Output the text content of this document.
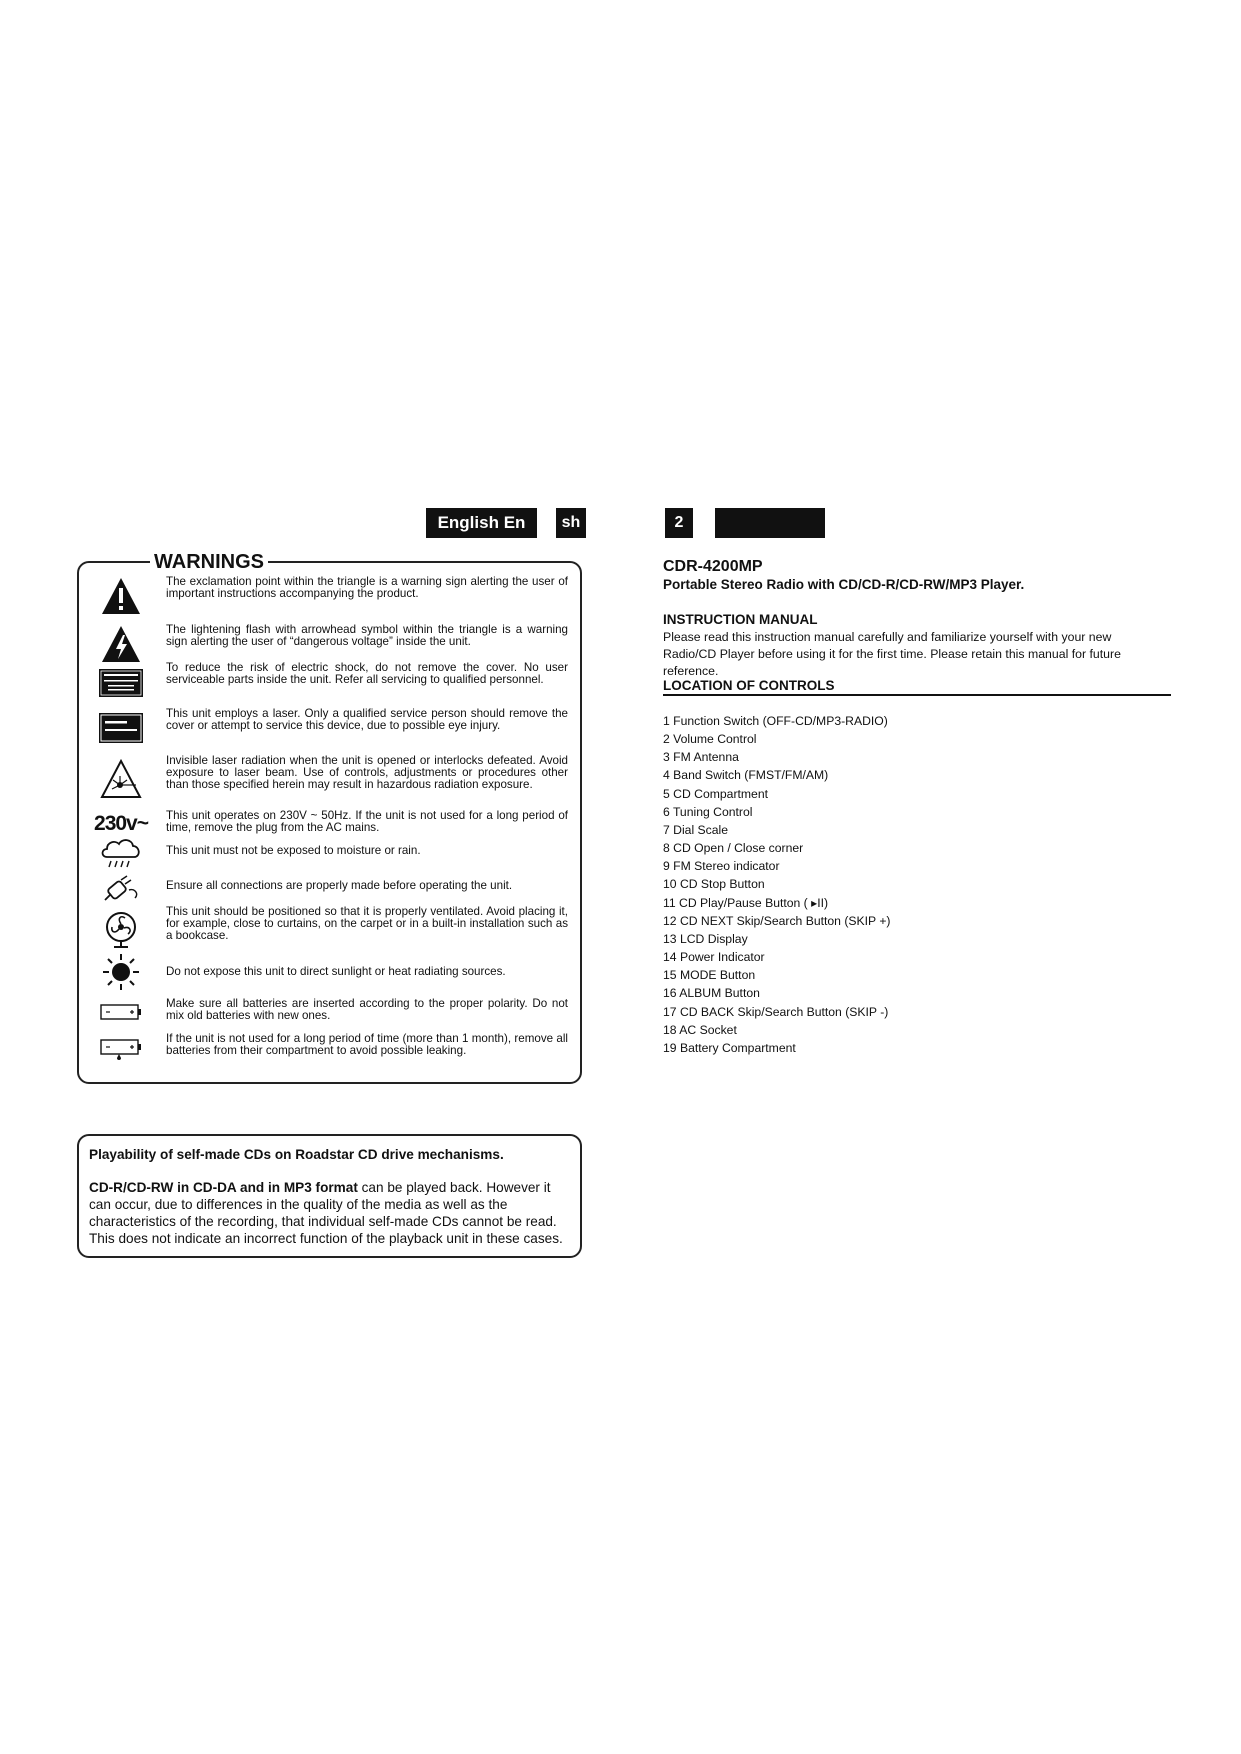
English En	sh	2
WARNINGS
The exclamation point within the triangle is a warning sign alerting the user of important instructions accompanying the product.
The lightening flash with arrowhead symbol within the triangle is a warning sign alerting the user of “dangerous voltage” inside the unit.
To reduce the risk of electric shock, do not remove the cover. No user serviceable parts inside the unit. Refer all servicing to qualified personnel.
This unit employs a laser. Only a qualified service person should remove the cover or attempt to service this device, due to possible eye injury.
Invisible laser radiation when the unit is opened or interlocks defeated. Avoid exposure to laser beam. Use of controls, adjustments or procedures other than those specified herein may result in hazardous radiation exposure.
230v~ This unit operates on 230V ~ 50Hz. If the unit is not used for a long period of time, remove the plug from the AC mains.
This unit must not be exposed to moisture or rain.
Ensure all connections are properly made before operating the unit.
This unit should be positioned so that it is properly ventilated. Avoid placing it, for example, close to curtains, on the carpet or in a built-in installation such as a bookcase.
Do not expose this unit to direct sunlight or heat radiating sources.
Make sure all batteries are inserted according to the proper polarity. Do not mix old batteries with new ones.
If the unit is not used for a long period of time (more than 1 month), remove all batteries from their compartment to avoid possible leaking.
Playability of self-made CDs on Roadstar CD drive mechanisms.
CD-R/CD-RW in CD-DA and in MP3 format can be played back. However it can occur, due to differences in the quality of the media as well as the characteristics of the recording, that individual self-made CDs cannot be read. This does not indicate an incorrect function of the playback unit in these cases.
CDR-4200MP
Portable Stereo Radio with CD/CD-R/CD-RW/MP3 Player.
INSTRUCTION MANUAL
Please read this instruction manual carefully and familiarize yourself with your new Radio/CD Player before using it for the first time. Please retain this manual for future reference.
LOCATION OF CONTROLS
1 Function Switch (OFF-CD/MP3-RADIO)
2 Volume Control
3 FM Antenna
4 Band Switch (FMST/FM/AM)
5 CD Compartment
6 Tuning Control
7 Dial Scale
8 CD Open / Close corner
9 FM Stereo indicator
10 CD Stop Button
11 CD Play/Pause Button ( ▸II)
12 CD NEXT Skip/Search Button (SKIP +)
13 LCD Display
14 Power Indicator
15 MODE Button
16 ALBUM Button
17 CD BACK Skip/Search Button (SKIP -)
18 AC Socket
19 Battery Compartment
